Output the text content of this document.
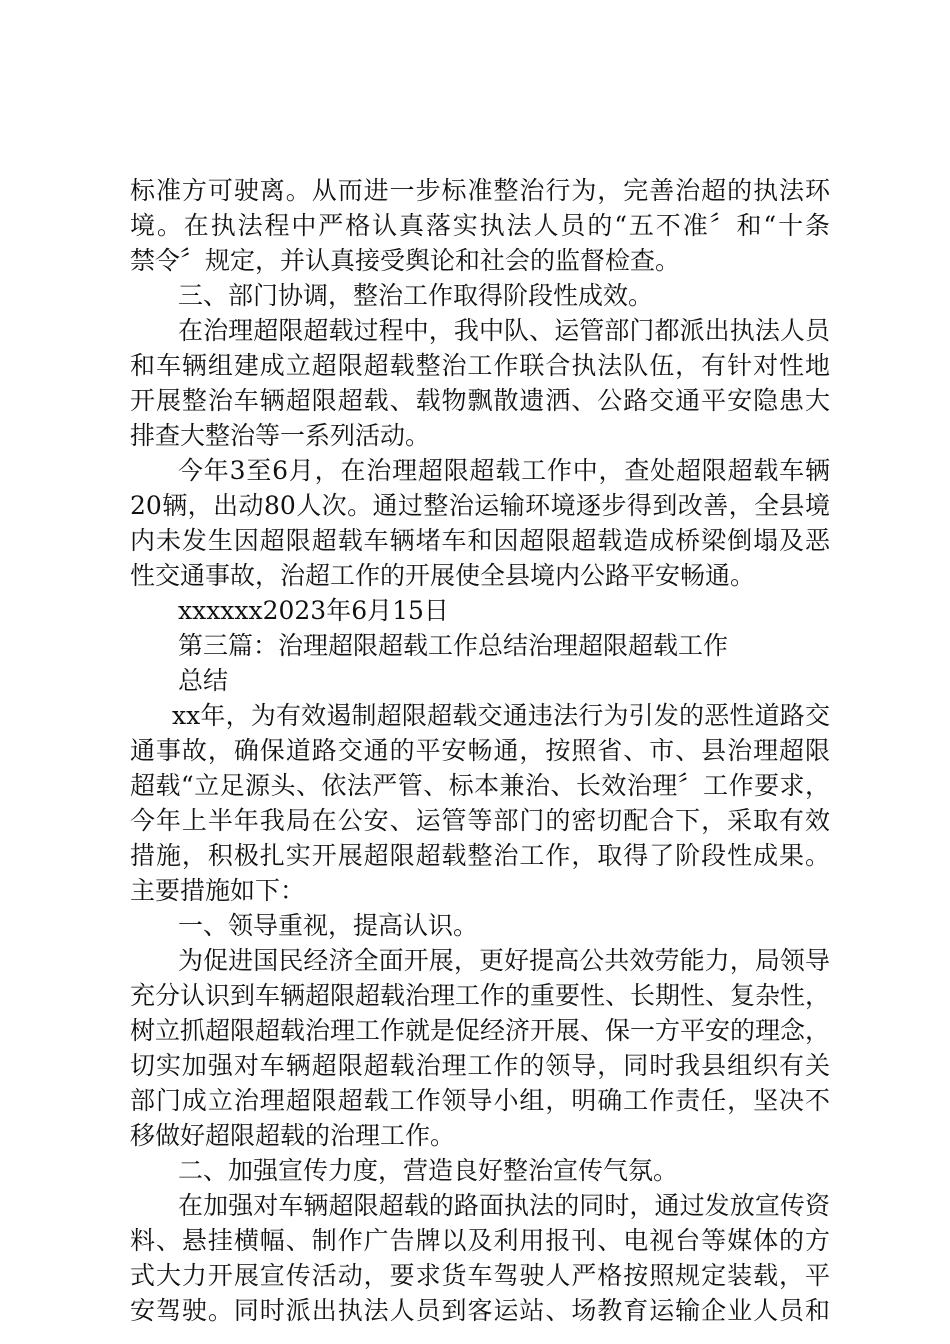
标准方可驶离。从而进一步标准整治行为，完善治超的执法环
境。在执法程中严格认真落实执法人员的“五不准〞和“十条
禁令〞规定，并认真接受舆论和社会的监督检查。
三、部门协调，整治工作取得阶段性成效。
在治理超限超载过程中，我中队、运管部门都派出执法人员
和车辆组建成立超限超载整治工作联合执法队伍，有针对性地
开展整治车辆超限超载、载物飘散遗洒、公路交通平安隐患大
排查大整治等一系列活动。
今年3至6月，在治理超限超载工作中，查处超限超载车辆
20辆，出动80人次。通过整治运输环境逐步得到改善，全县境
内未发生因超限超载车辆堵车和因超限超载造成桥梁倒塌及恶
性交通事故，治超工作的开展使全县境内公路平安畅通。
xxxxxx2023年6月15日
第三篇：治理超限超载工作总结治理超限超载工作
总结
xx年，为有效遏制超限超载交通违法行为引发的恶性道路交
通事故，确保道路交通的平安畅通，按照省、市、县治理超限
超载“立足源头、依法严管、标本兼治、长效治理〞工作要求，
今年上半年我局在公安、运管等部门的密切配合下，采取有效
措施，积极扎实开展超限超载整治工作，取得了阶段性成果。
主要措施如下：
一、领导重视，提高认识。
为促进国民经济全面开展，更好提高公共效劳能力，局领导
充分认识到车辆超限超载治理工作的重要性、长期性、复杂性，
树立抓超限超载治理工作就是促经济开展、保一方平安的理念，
切实加强对车辆超限超载治理工作的领导，同时我县组织有关
部门成立治理超限超载工作领导小组，明确工作责任，坚决不
移做好超限超载的治理工作。
二、加强宣传力度，营造良好整治宣传气氛。
在加强对车辆超限超载的路面执法的同时，通过发放宣传资
料、悬挂横幅、制作广告牌以及利用报刊、电视台等媒体的方
式大力开展宣传活动，要求货车驾驶人严格按照规定装载，平
安驾驶。同时派出执法人员到客运站、场教育运输企业人员和
